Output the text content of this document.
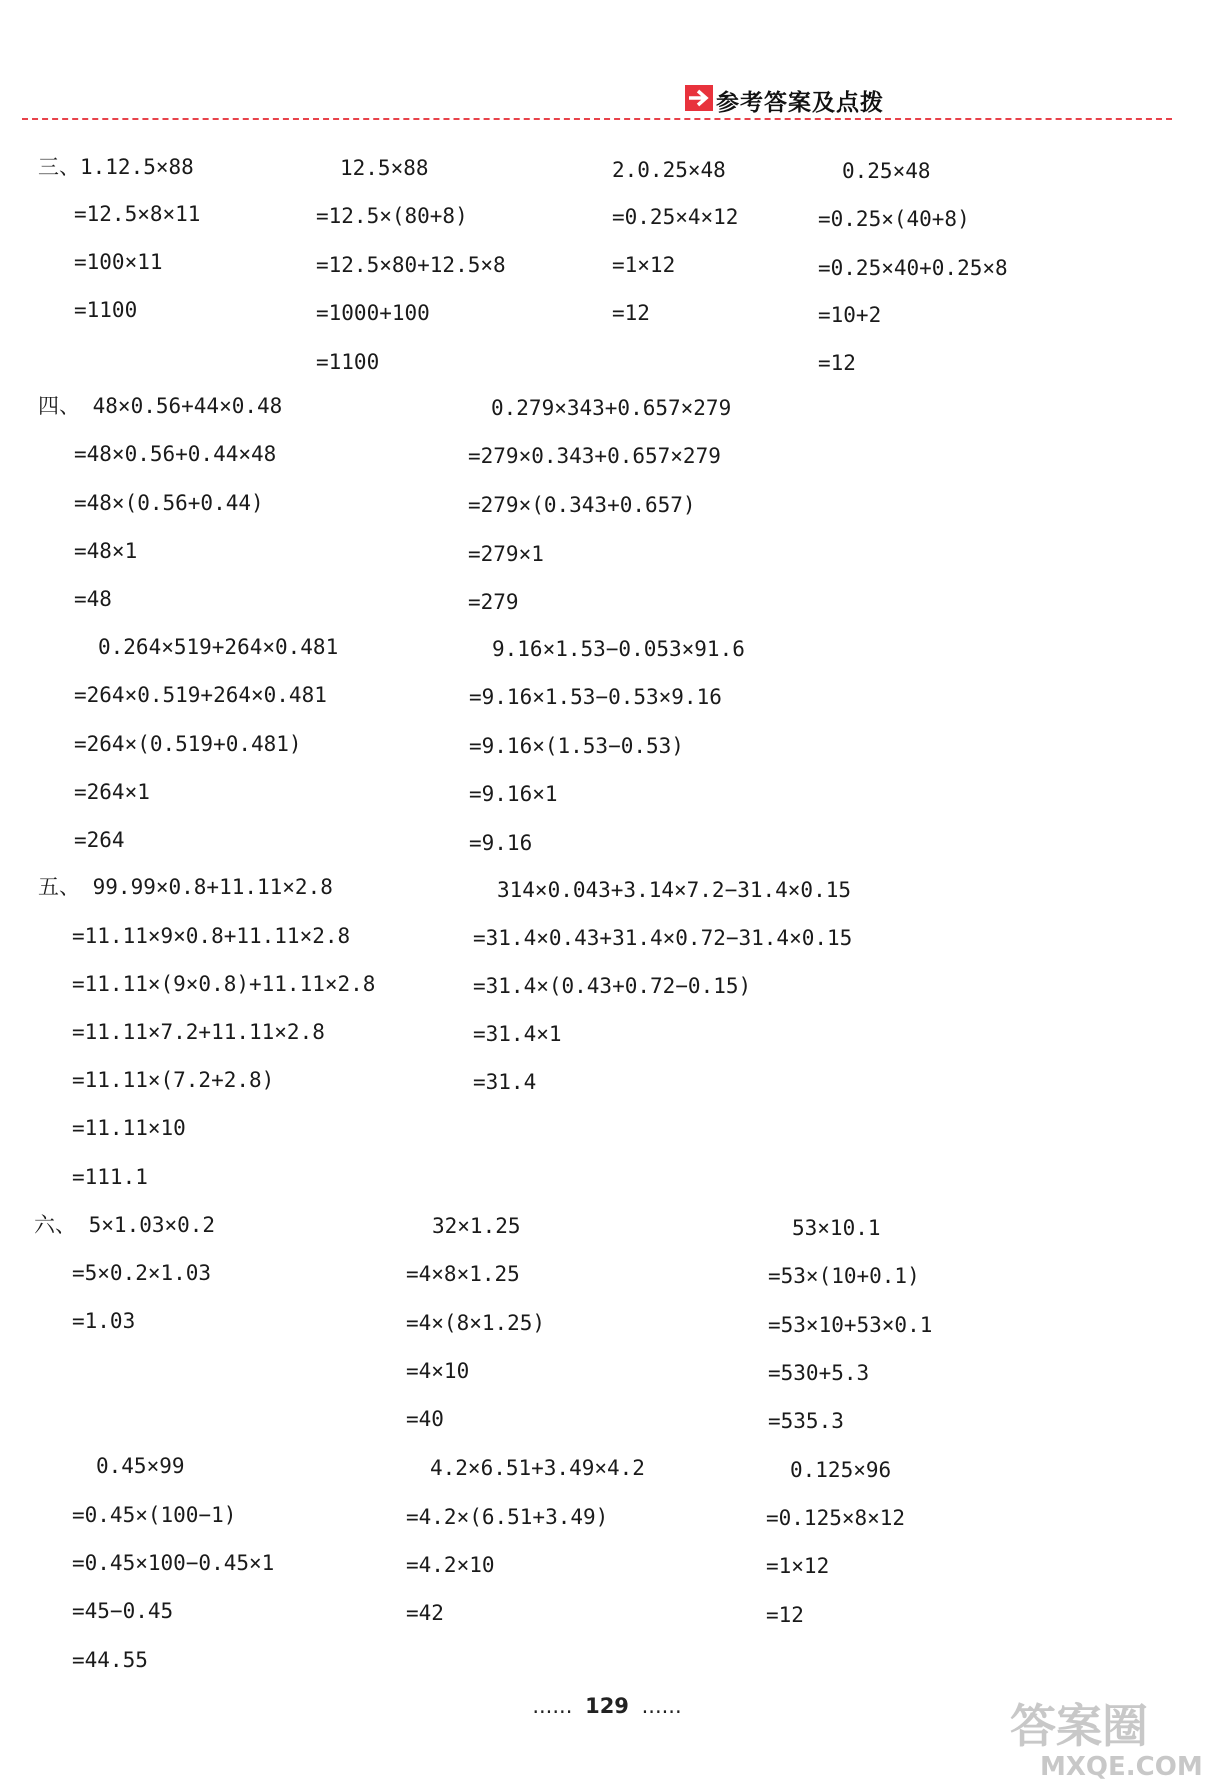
参考答案及点拨
三、1.12.5×88
=12.5×8×11
=100×11
=1100
12.5×88
=12.5×(80+8)
=12.5×80+12.5×8
=1000+100
=1100
2.0.25×48
=0.25×4×12
=1×12
=12
0.25×48
=0.25×(40+8)
=0.25×40+0.25×8
=10+2
=12
四、 48×0.56+44×0.48
=48×0.56+0.44×48
=48×(0.56+0.44)
=48×1
=48
0.279×343+0.657×279
=279×0.343+0.657×279
=279×(0.343+0.657)
=279×1
=279
0.264×519+264×0.481
=264×0.519+264×0.481
=264×(0.519+0.481)
=264×1
=264
9.16×1.53−0.053×91.6
=9.16×1.53−0.53×9.16
=9.16×(1.53−0.53)
=9.16×1
=9.16
五、 99.99×0.8+11.11×2.8
=11.11×9×0.8+11.11×2.8
=11.11×(9×0.8)+11.11×2.8
=11.11×7.2+11.11×2.8
=11.11×(7.2+2.8)
=11.11×10
=111.1
314×0.043+3.14×7.2−31.4×0.15
=31.4×0.43+31.4×0.72−31.4×0.15
=31.4×(0.43+0.72−0.15)
=31.4×1
=31.4
六、 5×1.03×0.2
=5×0.2×1.03
=1.03
32×1.25
=4×8×1.25
=4×(8×1.25)
=4×10
=40
53×10.1
=53×(10+0.1)
=53×10+53×0.1
=530+5.3
=535.3
0.45×99
=0.45×(100−1)
=0.45×100−0.45×1
=45−0.45
=44.55
4.2×6.51+3.49×4.2
=4.2×(6.51+3.49)
=4.2×10
=42
0.125×96
=0.125×8×12
=1×12
=12
...... 129 ......	答案圈
MXQE.COM
